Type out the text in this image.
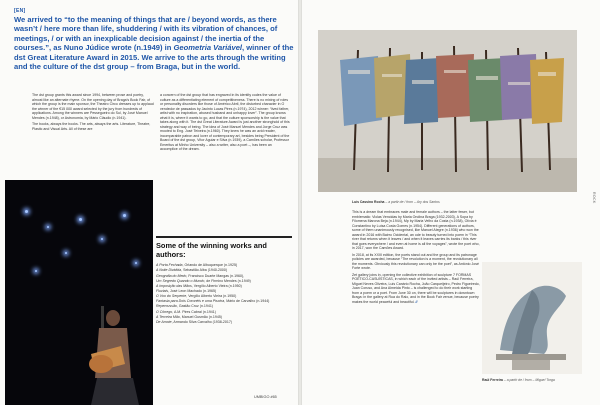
[EN]
We arrived to “to the meaning of things that are / beyond words, as there wasn’t / here more than life, shuddering / with its vibration of chances, of meetings, / or with an inexplicable decision against / the inertia of the courses.”, as Nuno Júdice wrote (n.1949) in Geometria Variável, winner of the dst Great Literature Award in 2015. We arrive to the arts through the writing and the culture of the dst group – from Braga, but in the world.

The dst group grants this award since 1994, between prose and poetry, almost like an alternate rhyme. On the opening day of Braga’s Book Fair, of which the group is the main sponsor, the Theatro Circo dresses up to applaud the winner of the €15 000 award selected by the jury from hundreds of applications. Among the winners are Pessegueiro do Sul, by José Manuel Mendes (n.1948), or Astronomia, by Mário Cláudio (n.1941).

The books, always the books. The arts, always the arts. Literature, Theatre, Plastic and Visual Arts. All of these are

a concern of the dst group that has engraved in its identity codes the value of culture as a differentiating element of competitiveness. There is no mixing of roles or personality disorders like those of Américo Abril, the disturbed character in O vendedor de passados by Jacinto Lucas Pires (n.1974), 2012 winner: “lived father, artist with no inspiration, abused husband and unhappy lover”. The group knows what it is, where it wants to go, and that the culture sponsorship is the value that takes along with it. The dst Great Literature Award is just another stronghold of this strategy and way of being. The idea of José Manuel Mendes and Jorge Cruz was mooted to Eng. José Teixeira (n.1960). They knew he was an avid reader, incomparable patron and lover of contemporary art, besides being President of the Board of the dst group, Vítor Aguiar e Silva (n.1939), a Camões scholar, Professor Emeritus at Minho University – also a writer, also a poet –, has been an accomplice of the dream.

Some of the winning works and authors:
A Porta Fechada, Orlando de Albuquerque (n.1925)
A Noite Dividida, Sebastião Alba (1940-2000)
Geografia do Medo, Francisco Duarte Mangas (n.1960),
Um Segredo Quando o Mundo, de Firmino Mendes (n.1949)
A Imposição das Mãos, Vergílio Alberto Vieira (n.1950)
Fluviais, José Leon Machado (n.1965)
O Voo do Serpente, Vergílio Alberto Vieira (n.1950)
Fantasia para Dois Coronéis e uma Piscina, Mário de Carvalho (n.1944)
Repercussão, Gastão Cruz (n.1941)
O Cônego, A.M. Pires Cabral (n.1941)
A Terceira Mão, Manuel Gusmão (n.1945)
De Amote, Armando Silva Carvalho (1938-2017)
UMBIGO #65
ROCK
Luís Cassino Rocha – a partir de / from – Ary dos Santos

This is a dream that embraces male and female authors – the latter fewer, but emblematic: Violas Vencidas by Maria Ondina Braga (1932-2003), A Sopa by Filomena Marona Beja (n.1944), Mp by Maria Velho da Costa (n.1938), Olívia é Constantino by Luísa Costa Gomes (n.1954). Different generations of authors, some of them unanimously recognised, like Manuel Alegre (n.1936) who won the award in 2016 with Bairro Ocidental, an ode to beauty turned into poem in “This river that returns when it leaves / and when it leaves carries its banks / this river that goes everywhere / and even at home is all the voyages”, wrote the poet who, in 2017, won the Camões Award.

In 2018, at its XXIII edition, the poets stand out and the group and its patronage policies are awarded, because “The revolution is a moment, the revolutionary all the moments. Obviously this revolutionary can only be the poet”, as António José Forte wrote.

Zet gallery joins in, opening the collective exhibition of sculpture 7 FORMAS POÉTICO-CASUÍSTICAS, in which each of the invited artists – Raúl Ferreira, Miguel Neves Oliveira, Luís Canário Rocha, João Carqueijeiro, Pedro Figueiredo, Juan Coruso, and Ana Almeida Pinto – is challenged to do their work starting from a poem or a poet. From June 30 on, there will be sculptures in downtown Braga: in the gallery at Rua do Raio, and in the Book Fair venue, because poetry makes the world peaceful and beautiful. //

Raúl Ferreira – a partir de / from – Miguel Torga
